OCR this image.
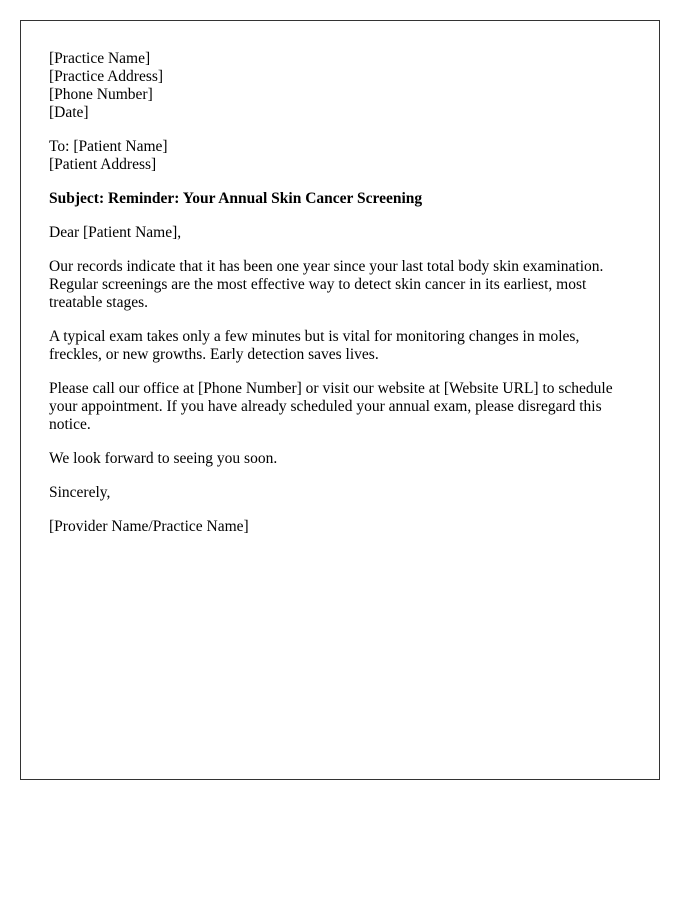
[Practice Name]
[Practice Address]
[Phone Number]
[Date]
To: [Patient Name]
[Patient Address]

Subject: Reminder: Your Annual Skin Cancer Screening

Dear [Patient Name],

Our records indicate that it has been one year since your last total body skin examination. Regular screenings are the most effective way to detect skin cancer in its earliest, most treatable stages.

A typical exam takes only a few minutes but is vital for monitoring changes in moles, freckles, or new growths. Early detection saves lives.

Please call our office at [Phone Number] or visit our website at [Website URL] to schedule your appointment. If you have already scheduled your annual exam, please disregard this notice.

We look forward to seeing you soon.

Sincerely,

[Provider Name/Practice Name]
